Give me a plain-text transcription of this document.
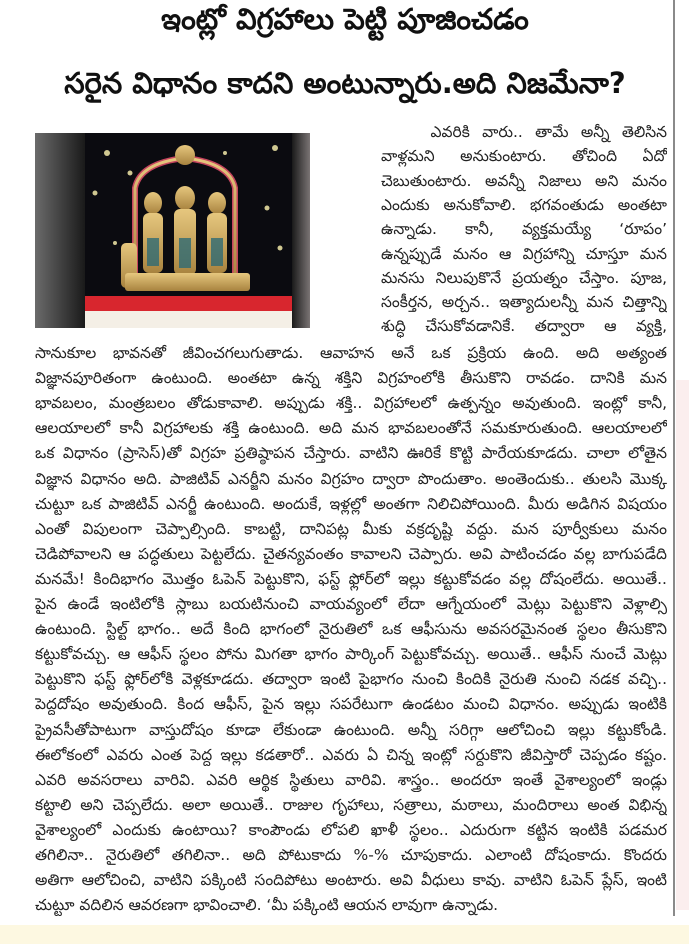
ఇంట్లో విగ్రహాలు పెట్టి పూజించడం
సరైన విధానం కాదని అంటున్నారు.అది నిజమేనా?
ఎవరికి వారు.. తామే అన్నీ తెలిసిన
వాళ్లమని అనుకుంటారు. తోచింది ఏదో
చెబుతుంటారు. అవన్నీ నిజాలు అని మనం
ఎందుకు అనుకోవాలి. భగవంతుడు అంతటా
ఉన్నాడు. కానీ, వ్యక్తమయ్యే ‘రూపం’
ఉన్నప్పుడే మనం ఆ విగ్రహాన్ని చూస్తూ మన
మనసు నిలుపుకొనే ప్రయత్నం చేస్తాం. పూజ,
సంకీర్తన, అర్చన.. ఇత్యాదులన్నీ మన చిత్తాన్ని
శుద్ధి చేసుకోవడానికే. తద్వారా ఆ వ్యక్తి,
సానుకూల భావనతో జీవించగలుగుతాడు. ఆవాహన అనే ఒక ప్రక్రియ ఉంది. అది అత్యంత
విజ్ఞానపూరితంగా ఉంటుంది. అంతటా ఉన్న శక్తిని విగ్రహంలోకి తీసుకొని రావడం. దానికి మన
భావబలం, మంత్రబలం తోడుకావాలి. అప్పుడు శక్తి.. విగ్రహాలలో ఉత్పన్నం అవుతుంది. ఇంట్లో కానీ,
ఆలయాలలో కానీ విగ్రహాలకు శక్తి ఉంటుంది. అది మన భావబలంతోనే సమకూరుతుంది. ఆలయాలలో
ఒక విధానం (ప్రాసెస్)తో విగ్రహ ప్రతిష్ఠాపన చేస్తారు. వాటిని ఊరికే కొట్టి పారేయకూడదు. చాలా లోతైన
విజ్ఞాన విధానం అది. పాజిటివ్ ఎనర్జీని మనం విగ్రహం ద్వారా పొందుతాం. అంతెందుకు.. తులసి మొక్క
చుట్టూ ఒక పాజిటివ్ ఎనర్జీ ఉంటుంది. అందుకే, ఇళ్లల్లో అంతగా నిలిచిపోయింది. మీరు అడిగిన విషయం
ఎంతో విపులంగా చెప్పాల్సింది. కాబట్టి, దానిపట్ల మీకు వక్రదృష్టి వద్దు. మన పూర్వీకులు మనం
చెడిపోవాలని ఆ పద్ధతులు పెట్టలేదు. చైతన్యవంతం కావాలని చెప్పారు. అవి పాటించడం వల్ల బాగుపడేది
మనమే! కిందిభాగం మొత్తం ఓపెన్ పెట్టుకొని, ఫస్ట్ ఫ్లోర్‌లో ఇల్లు కట్టుకోవడం వల్ల దోషంలేదు. అయితే..
పైన ఉండే ఇంటిలోకి స్లాబు బయటినుంచి వాయవ్యంలో లేదా ఆగ్నేయంలో మెట్లు పెట్టుకొని వెళ్లాల్సి
ఉంటుంది. స్టిల్ట్ భాగం.. అదే కింది భాగంలో నైరుతిలో ఒక ఆఫీసును అవసరమైనంత స్థలం తీసుకొని
కట్టుకోవచ్చు. ఆ ఆఫీస్ స్థలం పోను మిగతా భాగం పార్కింగ్ పెట్టుకోవచ్చు. అయితే.. ఆఫీస్ నుంచే మెట్లు
పెట్టుకొని ఫస్ట్ ఫ్లోర్‌లోకి వెళ్లకూడదు. తద్వారా ఇంటి పైభాగం నుంచి కిందికి నైరుతి నుంచి నడక వచ్చి..
పెద్దదోషం అవుతుంది. కింద ఆఫీస్, పైన ఇల్లు సపరేటుగా ఉండటం మంచి విధానం. అప్పుడు ఇంటికి
ప్రైవసీతోపాటుగా వాస్తుదోషం కూడా లేకుండా ఉంటుంది. అన్నీ సరిగ్గా ఆలోచించి ఇల్లు కట్టుకోండి.
ఈలోకంలో ఎవరు ఎంత పెద్ద ఇల్లు కడతారో.. ఎవరు ఏ చిన్న ఇంట్లో సర్దుకొని జీవిస్తారో చెప్పడం కష్టం.
ఎవరి అవసరాలు వారివి. ఎవరి ఆర్థిక స్థితులు వారివి. శాస్త్రం.. అందరూ ఇంతే వైశాల్యంలో ఇండ్లు
కట్టాలి అని చెప్పలేదు. అలా అయితే.. రాజుల గృహాలు, సత్రాలు, మఠాలు, మందిరాలు అంత విభిన్న
వైశాల్యంలో ఎందుకు ఉంటాయి? కాంపౌండు లోపలి ఖాళీ స్థలం.. ఎదురుగా కట్టిన ఇంటికి పడమర
తగిలినా.. నైరుతిలో తగిలినా.. అది పోటుకాదు %-% చూపుకాదు. ఎలాంటి దోషంకాదు. కొందరు
అతిగా ఆలోచించి, వాటిని పక్కింటి సందిపోటు అంటారు. అవి వీధులు కావు. వాటిని ఓపెన్ ప్లేస్, ఇంటి
చుట్టూ వదిలిన ఆవరణగా భావించాలి. ‘మీ పక్కింటి ఆయన లావుగా ఉన్నాడు.
